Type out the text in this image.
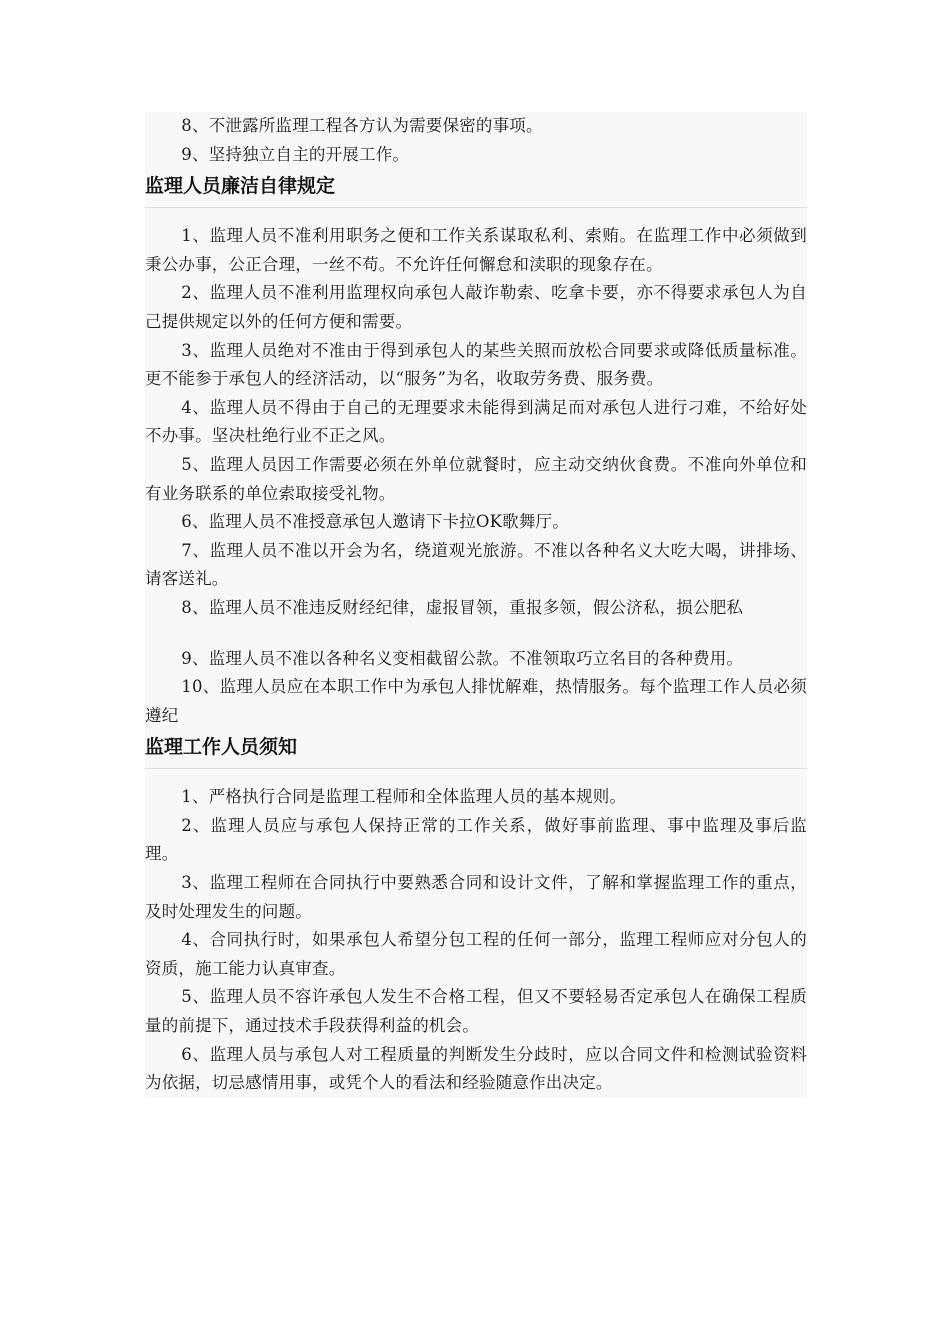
8、不泄露所监理工程各方认为需要保密的事项。

9、坚持独立自主的开展工作。

监理人员廉洁自律规定

1、监理人员不准利用职务之便和工作关系谋取私利、索贿。在监理工作中必须做到秉公办事，公正合理，一丝不苟。不允许任何懈怠和渎职的现象存在。

2、监理人员不准利用监理权向承包人敲诈勒索、吃拿卡要，亦不得要求承包人为自己提供规定以外的任何方便和需要。

3、监理人员绝对不准由于得到承包人的某些关照而放松合同要求或降低质量标准。更不能参于承包人的经济活动，以“服务”为名，收取劳务费、服务费。

4、监理人员不得由于自己的无理要求未能得到满足而对承包人进行刁难，不给好处不办事。坚决杜绝行业不正之风。

5、监理人员因工作需要必须在外单位就餐时，应主动交纳伙食费。不准向外单位和有业务联系的单位索取接受礼物。

6、监理人员不准授意承包人邀请下卡拉OK歌舞厅。

7、监理人员不准以开会为名，绕道观光旅游。不准以各种名义大吃大喝，讲排场、请客送礼。

8、监理人员不准违反财经纪律，虚报冒领，重报多领，假公济私，损公肥私

9、监理人员不准以各种名义变相截留公款。不准领取巧立名目的各种费用。

10、监理人员应在本职工作中为承包人排忧解难，热情服务。每个监理工作人员必须遵纪

监理工作人员须知

1、严格执行合同是监理工程师和全体监理人员的基本规则。

2、监理人员应与承包人保持正常的工作关系，做好事前监理、事中监理及事后监理。

3、监理工程师在合同执行中要熟悉合同和设计文件，了解和掌握监理工作的重点，及时处理发生的问题。

4、合同执行时，如果承包人希望分包工程的任何一部分，监理工程师应对分包人的资质，施工能力认真审查。

5、监理人员不容许承包人发生不合格工程，但又不要轻易否定承包人在确保工程质量的前提下，通过技术手段获得利益的机会。

6、监理人员与承包人对工程质量的判断发生分歧时，应以合同文件和检测试验资料为依据，切忌感情用事，或凭个人的看法和经验随意作出决定。
